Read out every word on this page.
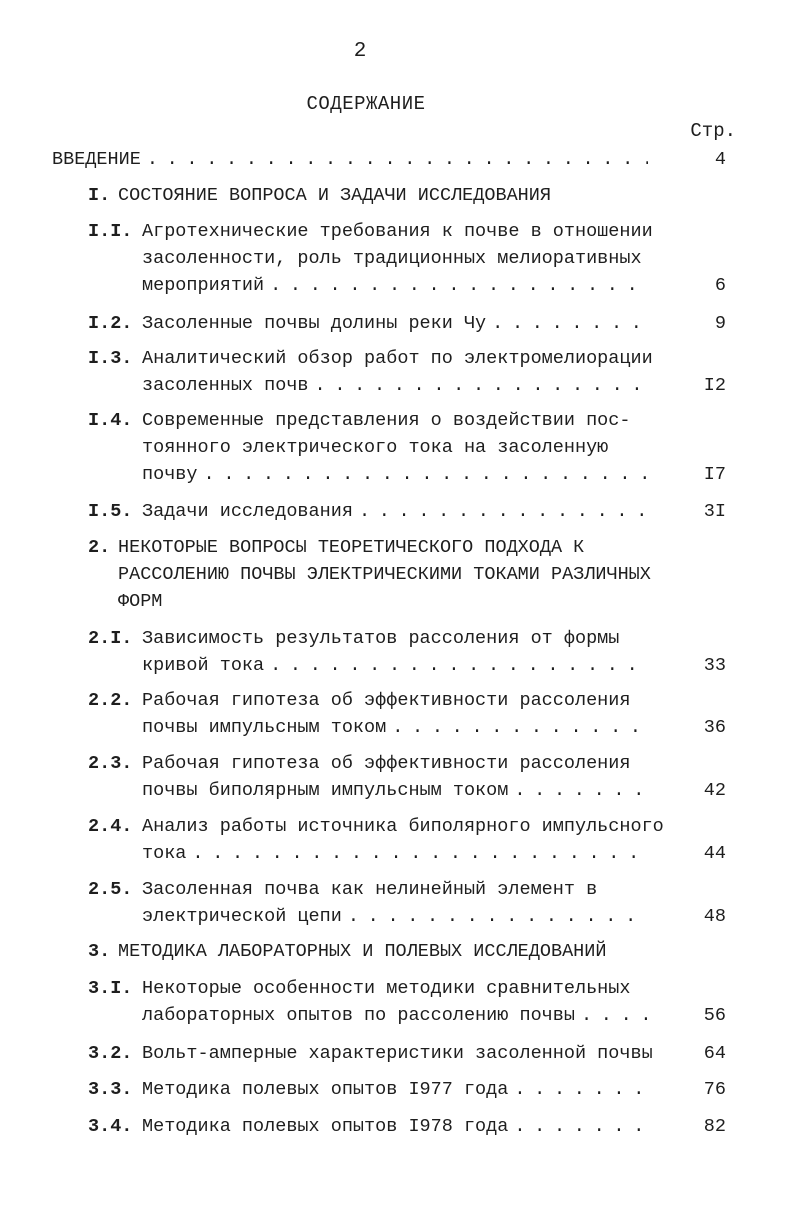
2
СОДЕРЖАНИЕ
Стр.
ВВЕДЕНИЕ . . .	4
I. СОСТОЯНИЕ ВОПРОСА И ЗАДАЧИ ИССЛЕДОВАНИЯ
I.I. Агротехнические требования к почве в отношении
засоленности, роль традиционных мелиоративных
мероприятий . . .	6
I.2. Засоленные почвы долины реки Чу . . .	9
I.3. Аналитический обзор работ по электромелиорации
засоленных почв . . .	I2
I.4. Современные представления о воздействии пос-
тоянного электрического тока на засоленную
почву . . .	I7
I.5. Задачи исследования . . .	3I
2. НЕКОТОРЫЕ ВОПРОСЫ ТЕОРЕТИЧЕСКОГО ПОДХОДА К
РАССОЛЕНИЮ ПОЧВЫ ЭЛЕКТРИЧЕСКИМИ ТОКАМИ РАЗЛИЧНЫХ
ФОРМ
2.I. Зависимость результатов рассоления от формы
кривой тока . . .	33
2.2. Рабочая гипотеза об эффективности рассоления
почвы импульсным током . . .	36
2.3. Рабочая гипотеза об эффективности рассоления
почвы биполярным импульсным током . . .	42
2.4. Анализ работы источника биполярного импульсного
тока . . .	44
2.5. Засоленная почва как нелинейный элемент в
электрической цепи . . .	48
3. МЕТОДИКА ЛАБОРАТОРНЫХ И ПОЛЕВЫХ ИССЛЕДОВАНИЙ
3.I. Некоторые особенности методики сравнительных
лабораторных опытов по рассолению почвы . . .	56
3.2. Вольт-амперные характеристики засоленной почвы	64
3.3. Методика полевых опытов I977 года . . .	76
3.4. Методика полевых опытов I978 года . . .	82
